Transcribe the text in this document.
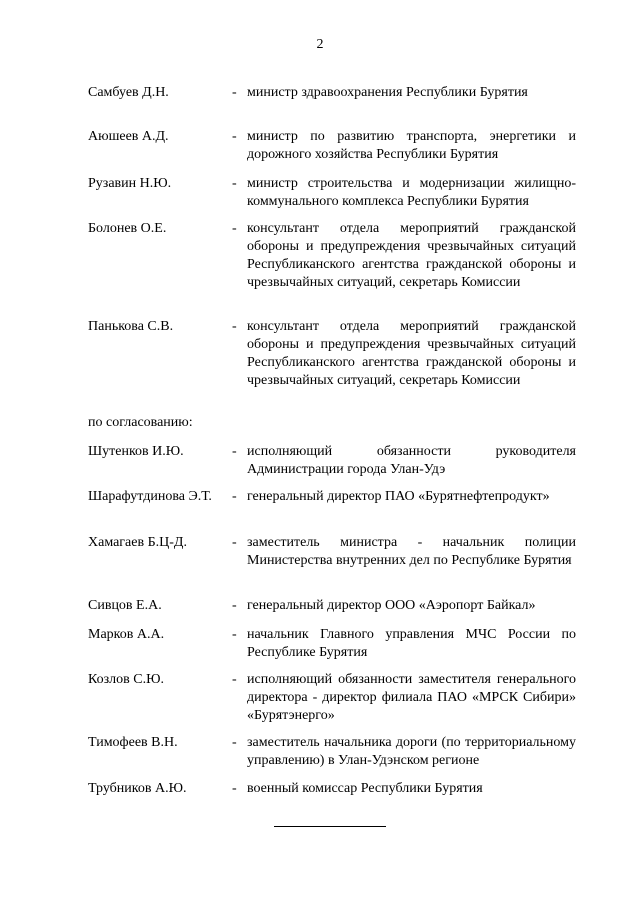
2
Самбуев Д.Н.	- министр здравоохранения Республики Бурятия
Аюшеев А.Д.	- министр по развитию транспорта, энергетики и дорожного хозяйства Республики Бурятия
Рузавин Н.Ю.	- министр строительства и модернизации жилищно-коммунального комплекса Республики Бурятия
Болонев О.Е.	- консультант отдела мероприятий гражданской обороны и предупреждения чрезвычайных ситуаций Республиканского агентства гражданской обороны и чрезвычайных ситуаций, секретарь Комиссии
Панькова С.В.	- консультант отдела мероприятий гражданской обороны и предупреждения чрезвычайных ситуаций Республиканского агентства гражданской обороны и чрезвычайных ситуаций, секретарь Комиссии
по согласованию:
Шутенков И.Ю.	- исполняющий обязанности руководителя Администрации города Улан-Удэ
Шарафутдинова Э.Т. - генеральный директор ПАО «Бурятнефтепродукт»
Хамагаев Б.Ц-Д.	- заместитель министра - начальник полиции Министерства внутренних дел по Республике Бурятия
Сивцов Е.А.	- генеральный директор ООО «Аэропорт Байкал»
Марков А.А.	- начальник Главного управления МЧС России по Республике Бурятия
Козлов С.Ю.	- исполняющий обязанности заместителя генерального директора - директор филиала ПАО «МРСК Сибири» «Бурятэнерго»
Тимофеев В.Н.	- заместитель начальника дороги (по территориальному управлению) в Улан-Удэнском регионе
Трубников А.Ю.	- военный комиссар Республики Бурятия
